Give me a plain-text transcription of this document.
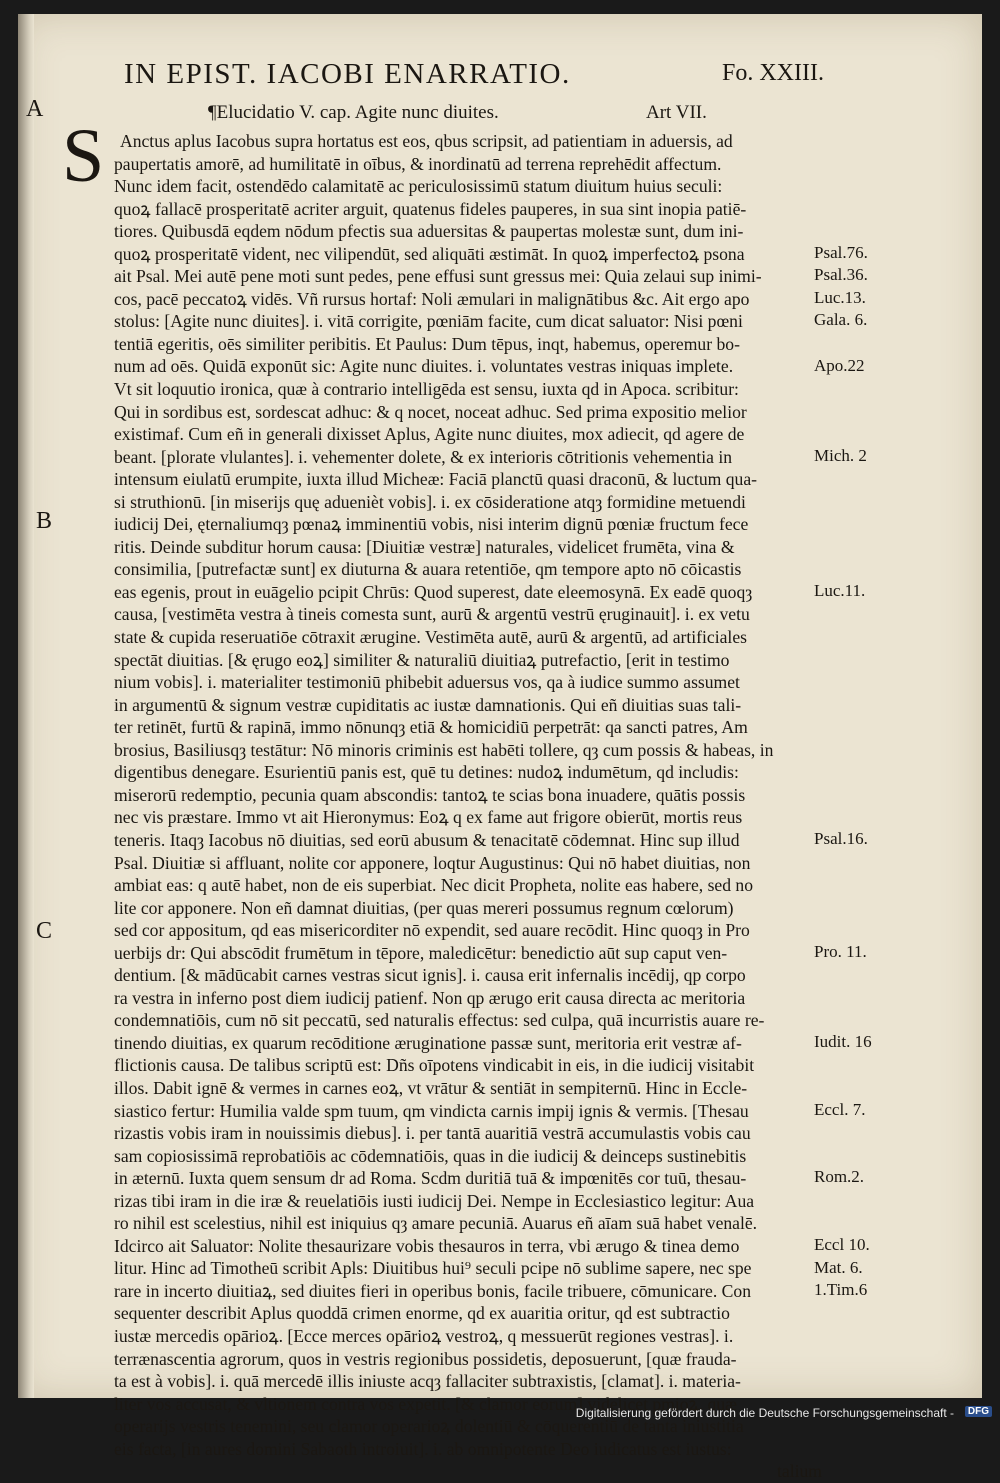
IN EPIST. IACOBI ENARRATIO.	Fo. XXIII.
A
B
C
¶Elucidatio V. cap. Agite nunc diuites.	Art VII.
S Anctus aplus Iacobus supra hortatus est eos, qbus scripsit, ad patientiam in aduersis, ad
paupertatis amorē, ad humilitatē in oībus, & inordinatū ad terrena reprehēdit affectum.
Nunc idem facit, ostendēdo calamitatē ac periculosissimū statum diuitum huius seculi:
quoꝝ fallacē prosperitatē acriter arguit, quatenus fideles pauperes, in sua sint inopia patiē-
tiores. Quibusdā eqdem nōdum pfectis sua aduersitas & paupertas molestæ sunt, dum ini-
quoꝝ prosperitatē vident, nec vilipendūt, sed aliquāti æstimāt. In quoꝝ imperfectoꝝ psona
ait Psal. Mei autē pene moti sunt pedes, pene effusi sunt gressus mei: Quia zelaui sup inimi-
cos, pacē peccatoꝝ vidēs. Vñ rursus hortaf: Noli æmulari in malignātibus &c. Ait ergo apo
stolus: [Agite nunc diuites]. i. vitā corrigite, pœniām facite, cum dicat saluator: Nisi pœni
tentiā egeritis, oēs similiter peribitis. Et Paulus: Dum tēpus, inqt, habemus, operemur bo-
num ad oēs. Quidā exponūt sic: Agite nunc diuites. i. voluntates vestras iniquas implete.
Vt sit loquutio ironica, quæ à contrario intelligēda est sensu, iuxta qd in Apoca. scribitur:
Qui in sordibus est, sordescat adhuc: & q nocet, noceat adhuc. Sed prima expositio melior
existimaf. Cum eñ in generali dixisset Aplus, Agite nunc diuites, mox adiecit, qd agere de
beant. [plorate vlulantes]. i. vehementer dolete, & ex interioris cōtritionis vehementia in
intensum eiulatū erumpite, iuxta illud Micheæ: Faciā planctū quasi draconū, & luctum qua-
si struthionū. [in miserijs quę aduenièt vobis]. i. ex cōsideratione atqȝ formidine metuendi
iudicij Dei, ęternaliumqȝ pœnaꝝ imminentiū vobis, nisi interim dignū pœniæ fructum fece
ritis. Deinde subditur horum causa: [Diuitiæ vestræ] naturales, videlicet frumēta, vina &
consimilia, [putrefactæ sunt] ex diuturna & auara retentiōe, qm tempore apto nō cōicastis
eas egenis, prout in euāgelio pcipit Chrūs: Quod superest, date eleemosynā. Ex eadē quoqȝ
causa, [vestimēta vestra à tineis comesta sunt, aurū & argentū vestrū ęruginauit]. i. ex vetu
state & cupida reseruatiōe cōtraxit ærugine. Vestimēta autē, aurū & argentū, ad artificiales
spectāt diuitias. [& ęrugo eoꝝ] similiter & naturaliū diuitiaꝝ putrefactio, [erit in testimo
nium vobis]. i. materialiter testimoniū phibebit aduersus vos, qa à iudice summo assumet
in argumentū & signum vestræ cupiditatis ac iustæ damnationis. Qui eñ diuitias suas tali-
ter retinēt, furtū & rapinā, immo nōnunqȝ etiā & homicidiū perpetrāt: qa sancti patres, Am
brosius, Basiliusqȝ testātur: Nō minoris criminis est habēti tollere, qȝ cum possis & habeas, in
digentibus denegare. Esurientiū panis est, quē tu detines: nudoꝝ indumētum, qd includis:
miserorū redemptio, pecunia quam abscondis: tantoꝝ te scias bona inuadere, quātis possis
nec vis præstare. Immo vt ait Hieronymus: Eoꝝ q ex fame aut frigore obierūt, mortis reus
teneris. Itaqȝ Iacobus nō diuitias, sed eorū abusum & tenacitatē cōdemnat. Hinc sup illud
Psal. Diuitiæ si affluant, nolite cor apponere, loqtur Augustinus: Qui nō habet diuitias, non
ambiat eas: q autē habet, non de eis superbiat. Nec dicit Propheta, nolite eas habere, sed no
lite cor apponere. Non eñ damnat diuitias, (per quas mereri possumus regnum cœlorum)
sed cor appositum, qd eas misericorditer nō expendit, sed auare recōdit. Hinc quoqȝ in Pro
uerbijs dr: Qui abscōdit frumētum in tēpore, maledicētur: benedictio aūt sup caput ven-
dentium. [& mādūcabit carnes vestras sicut ignis]. i. causa erit infernalis incēdij, qp corpo
ra vestra in inferno post diem iudicij patienf. Non qp ærugo erit causa directa ac meritoria
condemnatiōis, cum nō sit peccatū, sed naturalis effectus: sed culpa, quā incurristis auare re-
tinendo diuitias, ex quarum recōditione æruginatione passæ sunt, meritoria erit vestræ af-
flictionis causa. De talibus scriptū est: Dñs oīpotens vindicabit in eis, in die iudicij visitabit
illos. Dabit ignē & vermes in carnes eoꝝ, vt vrātur & sentiāt in sempiternū. Hinc in Eccle-
siastico fertur: Humilia valde spm tuum, qm vindicta carnis impij ignis & vermis. [Thesau
rizastis vobis iram in nouissimis diebus]. i. per tantā auaritiā vestrā accumulastis vobis cau
sam copiosissimā reprobatiōis ac cōdemnatiōis, quas in die iudicij & deinceps sustinebitis
in æternū. Iuxta quem sensum dr ad Roma. Scdm duritiā tuā & impœnitēs cor tuū, thesau-
rizas tibi iram in die iræ & reuelatiōis iusti iudicij Dei. Nempe in Ecclesiastico legitur: Aua
ro nihil est scelestius, nihil est iniquius qȝ amare pecuniā. Auarus eñ aīam suā habet venalē.
Idcirco ait Saluator: Nolite thesaurizare vobis thesauros in terra, vbi ærugo & tinea demo
litur. Hinc ad Timotheū scribit Apls: Diuitibus hui⁹ seculi pcipe nō sublime sapere, nec spe
rare in incerto diuitiaꝝ, sed diuites fieri in operibus bonis, facile tribuere, cōmunicare. Con
sequenter describit Aplus quoddā crimen enorme, qd ex auaritia oritur, qd est subtractio
iustæ mercedis opārioꝝ. [Ecce merces opārioꝝ vestroꝝ, q messuerūt regiones vestras]. i.
terrænascentia agrorum, quos in vestris regionibus possidetis, deposuerunt, [quæ frauda-
ta est à vobis]. i. quā mercedē illis iniuste acqȝ fallaciter subtraxistis, [clamat]. i. materia-
liter vos accusat, & vltionem contra vos expetit. [& clamor eorum] videlicet pmioꝝ, quæ
operarijs vestris tenemini, seu clamor operarioꝝ dolentiū & cōquerentiū de tanta iniustitia
eis facta, [in aures domini Sabaoth introiuit]. i. ab omnipotente Deo iudicatus est iustus:
talium
Psal.76.
Psal.36.
Luc.13.
Gala. 6.
Apo.22
Mich. 2
Luc.11.
Psal.16.
Pro. 11.
Iudit. 16
Eccl. 7.
Rom.2.
Eccl 10.
Mat. 6.
1.Tim.6
Digitalisierung gefördert durch die Deutsche Forschungsgemeinschaft -	DFG
